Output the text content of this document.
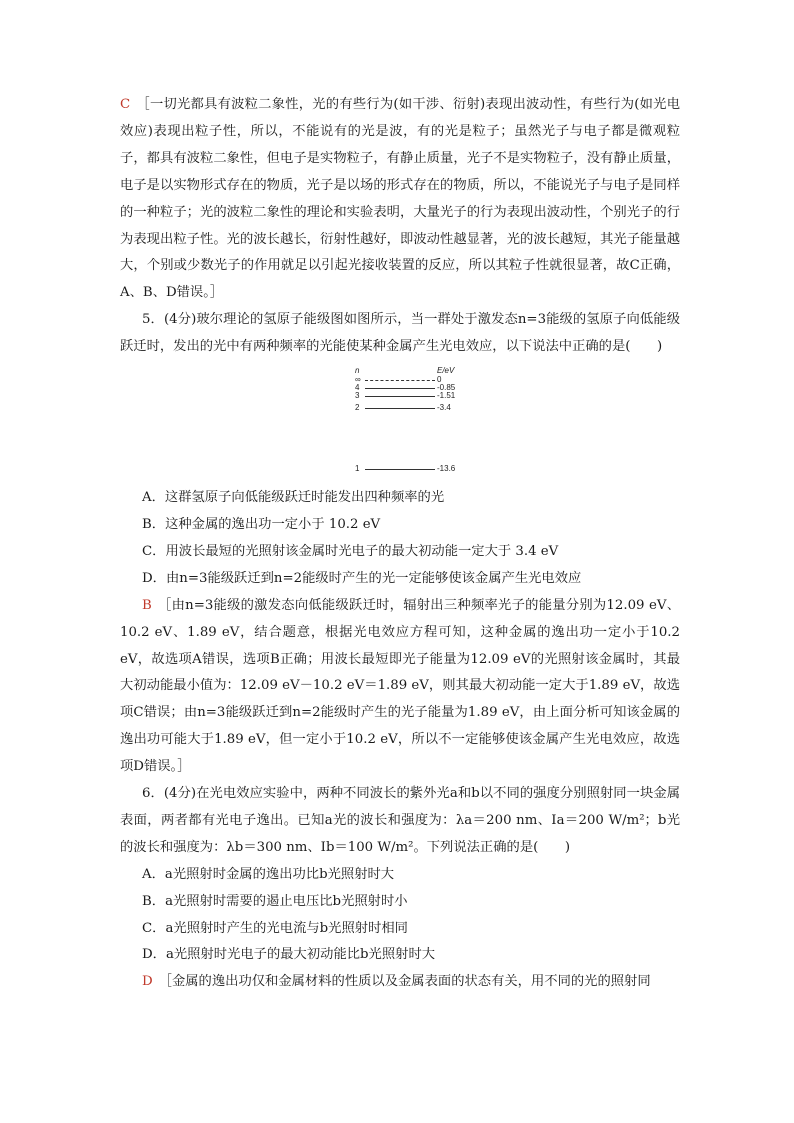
C ［一切光都具有波粒二象性，光的有些行为(如干涉、衍射)表现出波动性，有些行为(如光电效应)表现出粒子性，所以，不能说有的光是波，有的光是粒子；虽然光子与电子都是微观粒子，都具有波粒二象性，但电子是实物粒子，有静止质量，光子不是实物粒子，没有静止质量，电子是以实物形式存在的物质，光子是以场的形式存在的物质，所以，不能说光子与电子是同样的一种粒子；光的波粒二象性的理论和实验表明，大量光子的行为表现出波动性，个别光子的行为表现出粒子性。光的波长越长，衍射性越好，即波动性越显著，光的波长越短，其光子能量越大，个别或少数光子的作用就足以引起光接收装置的反应，所以其粒子性就很显著，故C正确，A、B、D错误。］

5．(4分)玻尔理论的氢原子能级图如图所示，当一群处于激发态n=3能级的氢原子向低能级跃迁时，发出的光中有两种频率的光能使某种金属产生光电效应，以下说法中正确的是(　　)

n	E/eV
∞	0
4	-0.85
3	-1.51
2	-3.4
1	-13.6

A．这群氢原子向低能级跃迁时能发出四种频率的光

B．这种金属的逸出功一定小于 10.2 eV

C．用波长最短的光照射该金属时光电子的最大初动能一定大于 3.4 eV

D．由n=3能级跃迁到n=2能级时产生的光一定能够使该金属产生光电效应

B ［由n=3能级的激发态向低能级跃迁时，辐射出三种频率光子的能量分别为12.09 eV、10.2 eV、1.89 eV，结合题意，根据光电效应方程可知，这种金属的逸出功一定小于10.2 eV，故选项A错误，选项B正确；用波长最短即光子能量为12.09 eV的光照射该金属时，其最大初动能最小值为：12.09 eV－10.2 eV＝1.89 eV，则其最大初动能一定大于1.89 eV，故选项C错误；由n=3能级跃迁到n=2能级时产生的光子能量为1.89 eV，由上面分析可知该金属的逸出功可能大于1.89 eV，但一定小于10.2 eV，所以不一定能够使该金属产生光电效应，故选项D错误。］

6．(4分)在光电效应实验中，两种不同波长的紫外光a和b以不同的强度分别照射同一块金属表面，两者都有光电子逸出。已知a光的波长和强度为：λa＝200 nm、Ia＝200 W/m²；b光的波长和强度为：λb＝300 nm、Ib＝100 W/m²。下列说法正确的是(　　)

A．a光照射时金属的逸出功比b光照射时大

B．a光照射时需要的遏止电压比b光照射时小

C．a光照射时产生的光电流与b光照射时相同

D．a光照射时光电子的最大初动能比b光照射时大

D ［金属的逸出功仅和金属材料的性质以及金属表面的状态有关，用不同的光的照射同
